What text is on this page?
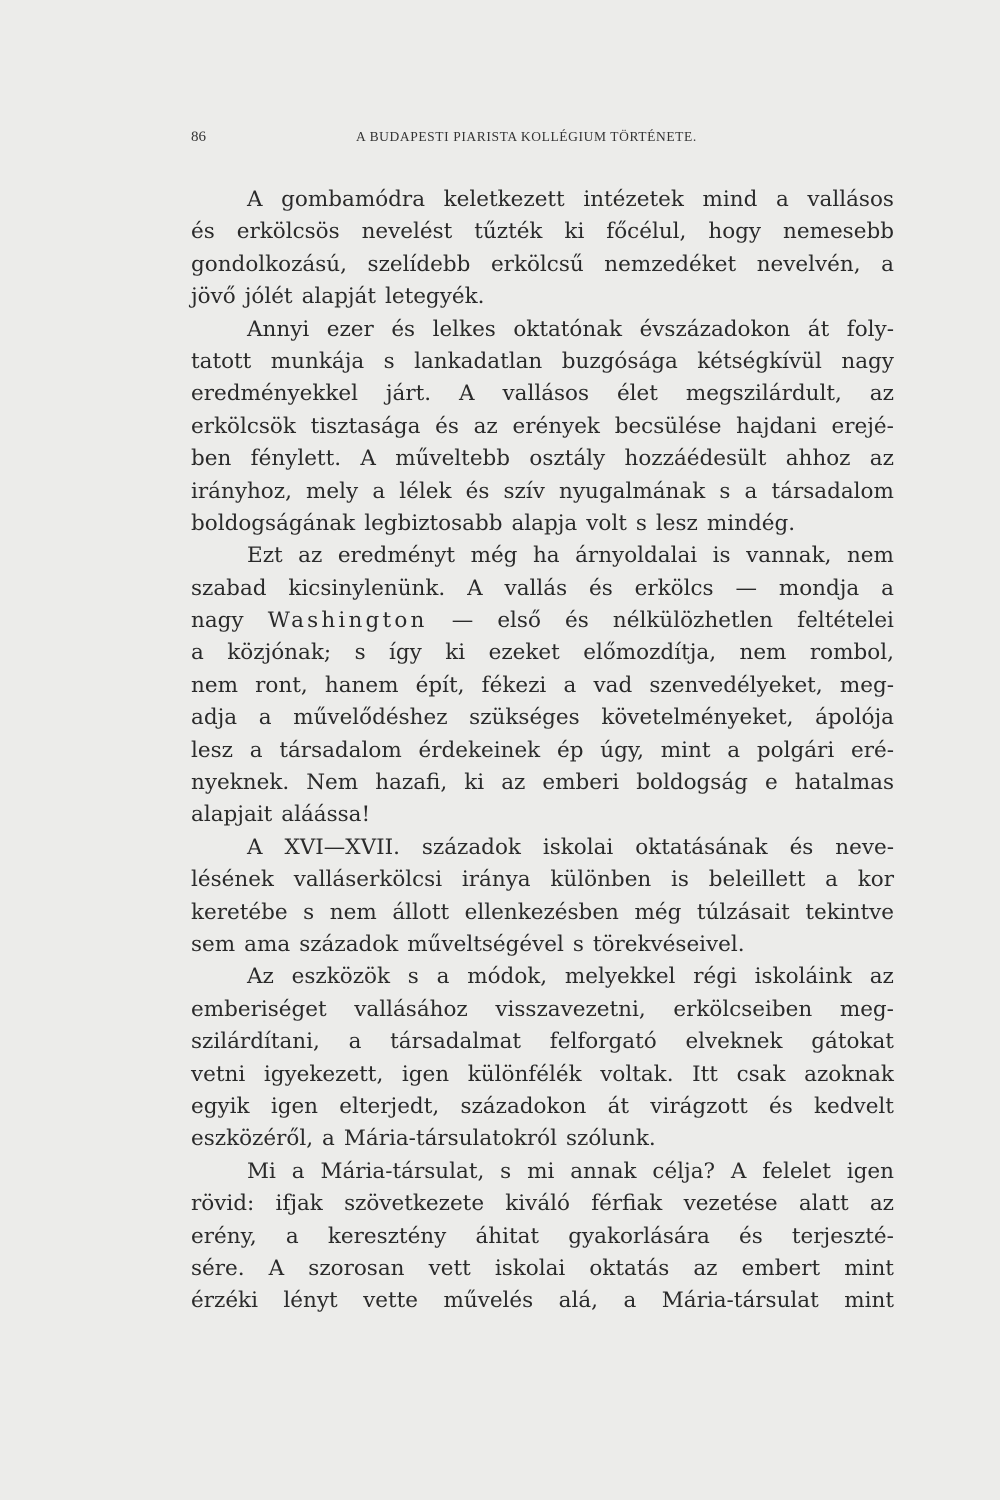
86	A BUDAPESTI PIARISTA KOLLÉGIUM TÖRTÉNETE.
A gombamódra keletkezett intézetek mind a vallásos
és erkölcsös nevelést tűzték ki főcélul, hogy nemesebb
gondolkozású, szelídebb erkölcsű nemzedéket nevelvén, a
jövő jólét alapját letegyék.
Annyi ezer és lelkes oktatónak évszázadokon át foly-
tatott munkája s lankadatlan buzgósága kétségkívül nagy
eredményekkel járt. A vallásos élet megszilárdult, az
erkölcsök tisztasága és az erények becsülése hajdani erejé-
ben fénylett. A műveltebb osztály hozzáédesült ahhoz az
irányhoz, mely a lélek és szív nyugalmának s a társadalom
boldogságának legbiztosabb alapja volt s lesz mindég.
Ezt az eredményt még ha árnyoldalai is vannak, nem
szabad kicsinylenünk. A vallás és erkölcs — mondja a
nagy Washington — első és nélkülözhetlen feltételei
a közjónak; s így ki ezeket előmozdítja, nem rombol,
nem ront, hanem épít, fékezi a vad szenvedélyeket, meg-
adja a művelődéshez szükséges követelményeket, ápolója
lesz a társadalom érdekeinek ép úgy, mint a polgári eré-
nyeknek. Nem hazafi, ki az emberi boldogság e hatalmas
alapjait aláássa!
A XVI—XVII. századok iskolai oktatásának és neve-
lésének valláserkölcsi iránya különben is beleillett a kor
keretébe s nem állott ellenkezésben még túlzásait tekintve
sem ama századok műveltségével s törekvéseivel.
Az eszközök s a módok, melyekkel régi iskoláink az
emberiséget vallásához visszavezetni, erkölcseiben meg-
szilárdítani, a társadalmat felforgató elveknek gátokat
vetni igyekezett, igen különfélék voltak. Itt csak azoknak
egyik igen elterjedt, századokon át virágzott és kedvelt
eszközéről, a Mária-társulatokról szólunk.
Mi a Mária-társulat, s mi annak célja? A felelet igen
rövid: ifjak szövetkezete kiváló férfiak vezetése alatt az
erény, a keresztény áhitat gyakorlására és terjeszté-
sére. A szorosan vett iskolai oktatás az embert mint
érzéki lényt vette művelés alá, a Mária-társulat mint
